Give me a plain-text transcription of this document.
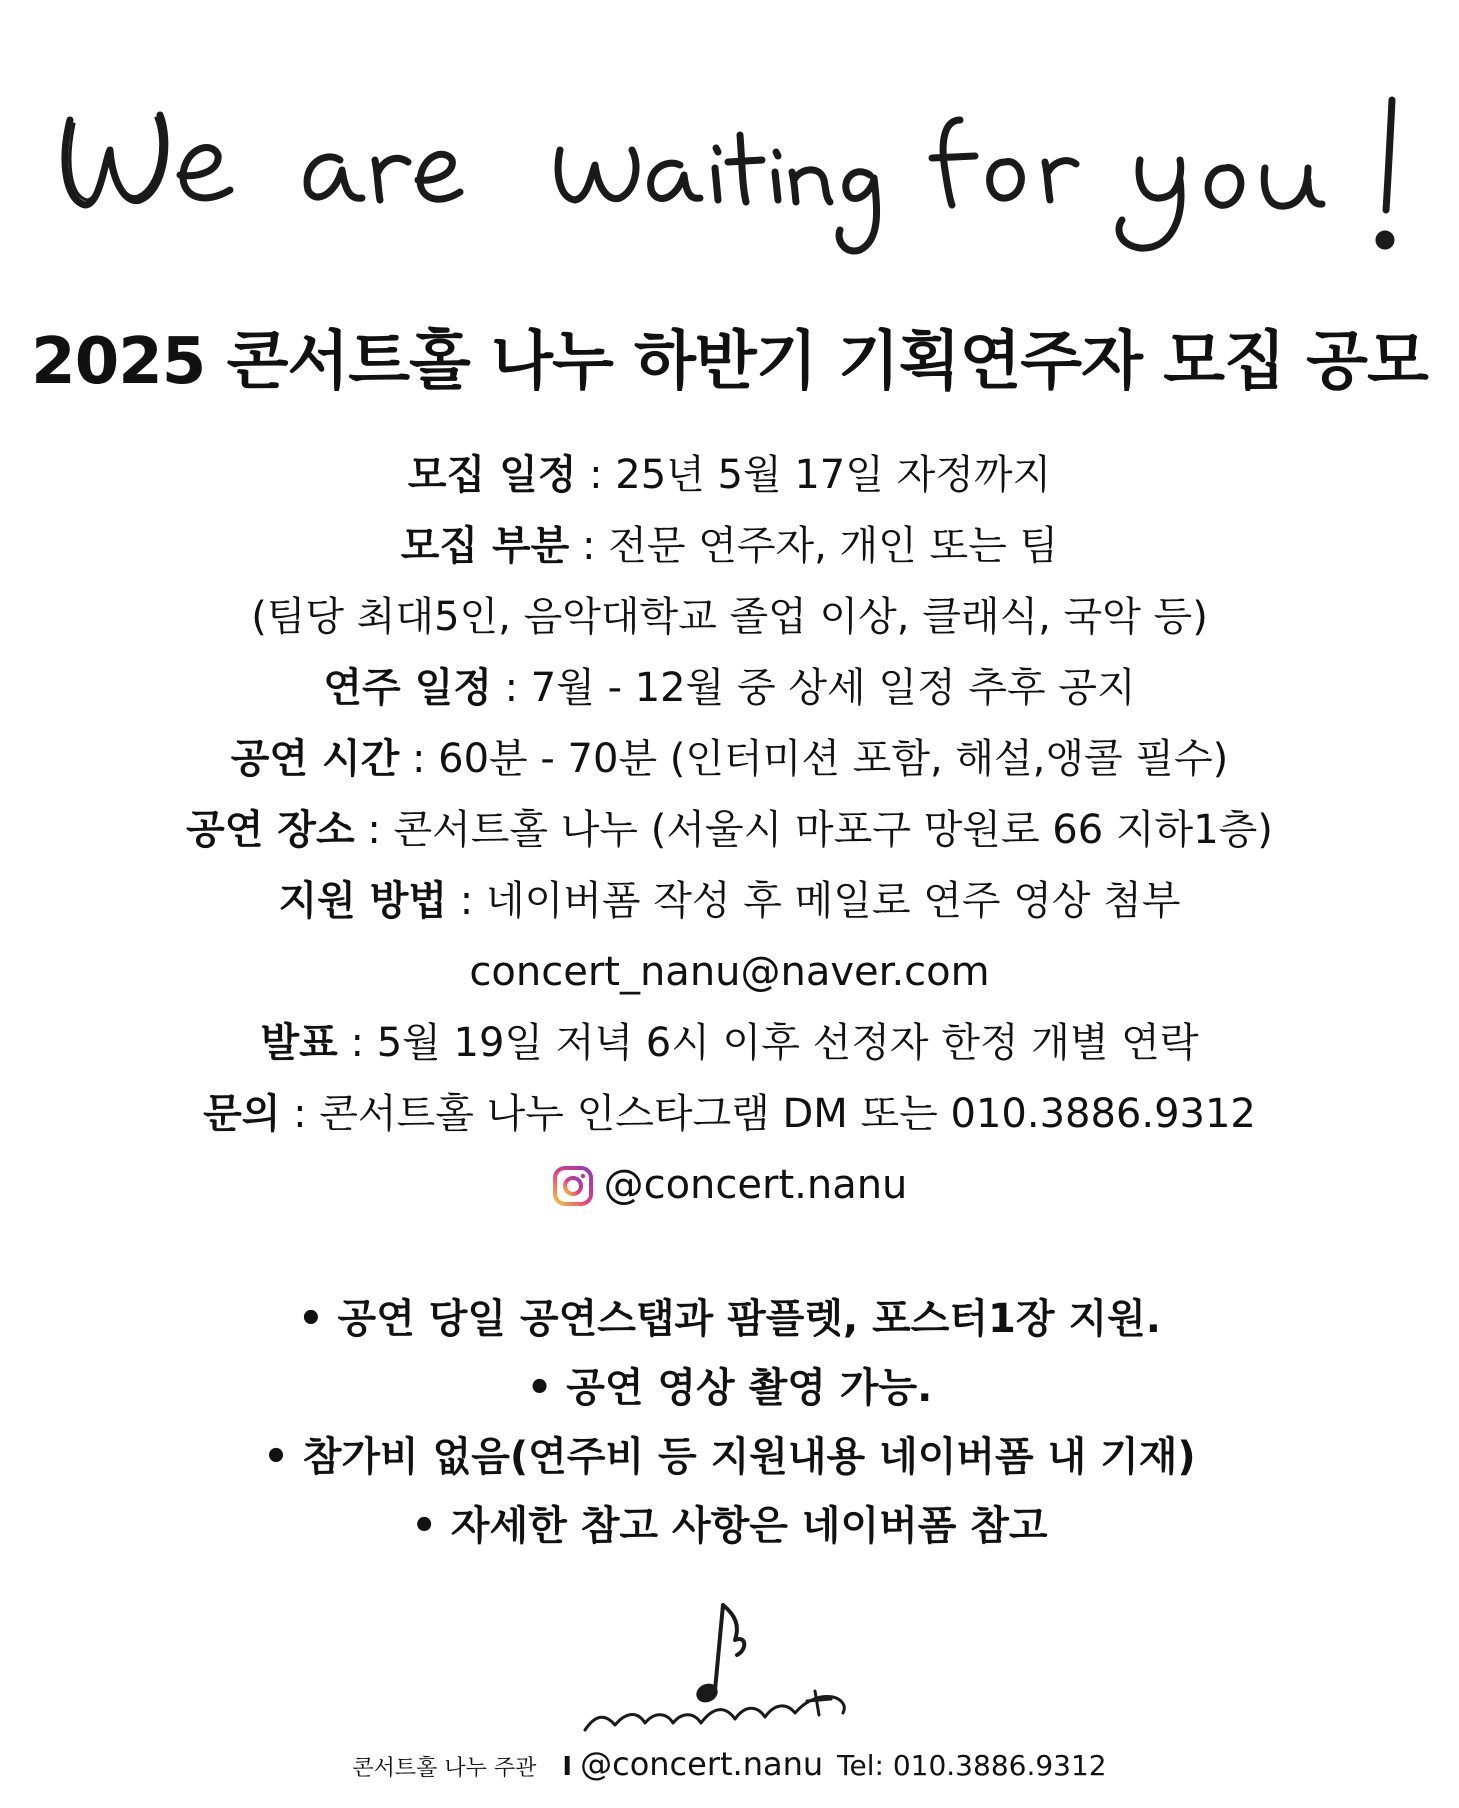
2025 콘서트홀 나누 하반기 기획연주자 모집 공모
모집 일정 : 25년 5월 17일 자정까지
모집 부분 : 전문 연주자, 개인 또는 팀
(팀당 최대5인, 음악대학교 졸업 이상, 클래식, 국악 등)
연주 일정 : 7월 - 12월 중 상세 일정 추후 공지
공연 시간 : 60분 - 70분 (인터미션 포함, 해설,앵콜 필수)
공연 장소 : 콘서트홀 나누 (서울시 마포구 망원로 66 지하1층)
지원 방법 : 네이버폼 작성 후 메일로 연주 영상 첨부
concert_nanu@naver.com
발표 : 5월 19일 저녁 6시 이후 선정자 한정 개별 연락
문의 : 콘서트홀 나누 인스타그램 DM 또는 010.3886.9312
@concert.nanu
• 공연 당일 공연스탭과 팜플렛, 포스터1장 지원.
• 공연 영상 촬영 가능.
• 참가비 없음(연주비 등 지원내용 네이버폼 내 기재)
• 자세한 참고 사항은 네이버폼 참고
콘서트홀 나누 주관 I @concert.nanu Tel: 010.3886.9312
